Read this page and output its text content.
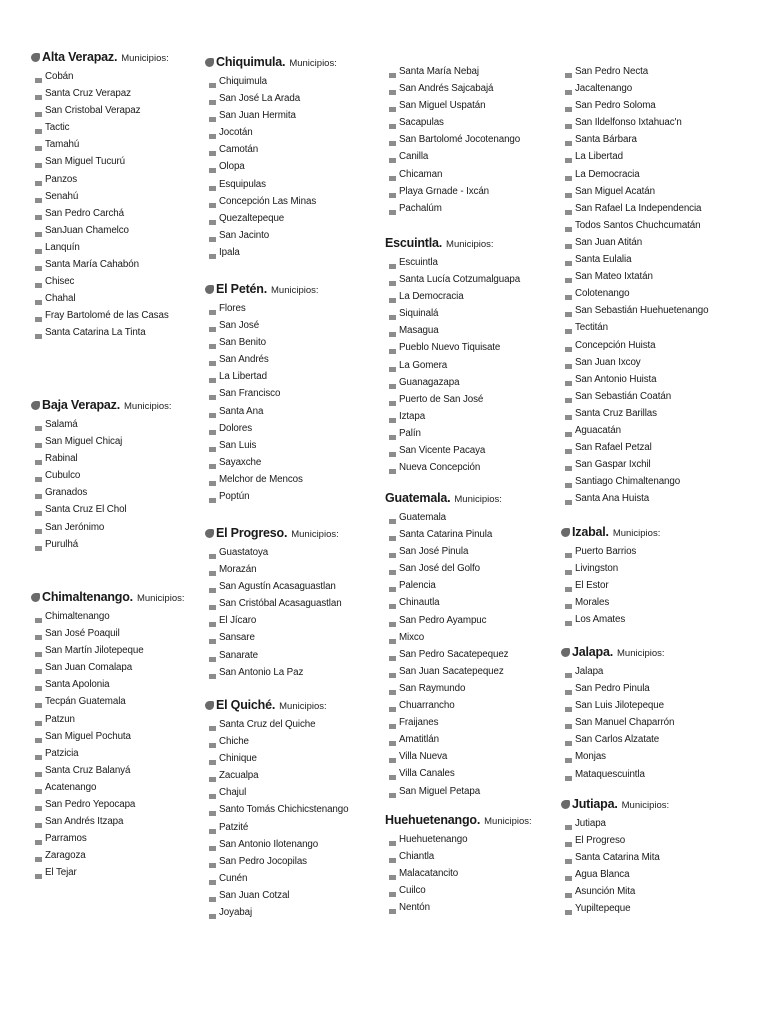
Alta Verapaz. Municipios:
Cobán
Santa Cruz Verapaz
San Cristobal Verapaz
Tactic
Tamahú
San Miguel Tucurú
Panzos
Senahú
San Pedro Carchá
SanJuan Chamelco
Lanquín
Santa María Cahabón
Chisec
Chahal
Fray Bartolomé de las Casas
Santa Catarina La Tinta
Baja Verapaz. Municipios:
Salamá
San Miguel Chicaj
Rabinal
Cubulco
Granados
Santa Cruz El Chol
San Jerónimo
Purulhá
Chimaltenango. Municipios:
Chimaltenango
San José Poaquil
San Martín Jilotepeque
San Juan Comalapa
Santa Apolonia
Tecpán Guatemala
Patzun
San Miguel Pochuta
Patzicia
Santa Cruz Balanyá
Acatenango
San Pedro Yepocapa
San Andrés Itzapa
Parramos
Zaragoza
El Tejar
Chiquimula. Municipios:
Chiquimula
San José La Arada
San Juan Hermita
Jocotán
Camotán
Olopa
Esquipulas
Concepción Las Minas
Quezaltepeque
San Jacinto
Ipala
El Petén. Municipios:
Flores
San José
San Benito
San Andrés
La Libertad
San Francisco
Santa Ana
Dolores
San Luis
Sayaxche
Melchor de Mencos
Poptún
El Progreso. Municipios:
Guastatoya
Morazán
San Agustín Acasaguastlan
San Cristóbal Acasaguastlan
El Jícaro
Sansare
Sanarate
San Antonio La Paz
El Quiché. Municipios:
Santa Cruz del Quiche
Chiche
Chinique
Zacualpa
Chajul
Santo Tomás Chichicstenango
Patzité
San Antonio Ilotenango
San Pedro Jocopilas
Cunén
San Juan Cotzal
Joyabaj
Santa María Nebaj
San Andrés Sajcabajá
San Miguel Uspatán
Sacapulas
San Bartolomé Jocotenango
Canilla
Chicaman
Playa Grnade - Ixcán
Pachalúm
Escuintla. Municipios:
Escuintla
Santa Lucía Cotzumalguapa
La Democracia
Siquinalá
Masagua
Pueblo Nuevo Tiquisate
La Gomera
Guanagazapa
Puerto de San José
Iztapa
Palín
San Vicente Pacaya
Nueva Concepción
Guatemala. Municipios:
Guatemala
Santa Catarina Pinula
San José Pinula
San José del Golfo
Palencia
Chinautla
San Pedro Ayampuc
Mixco
San Pedro Sacatepequez
San Juan Sacatepequez
San Raymundo
Chuarrancho
Fraijanes
Amatitlán
Villa Nueva
Villa Canales
San Miguel Petapa
Huehuetenango. Municipios:
Huehuetenango
Chiantla
Malacatancito
Cuilco
Nentón
San Pedro Necta
Jacaltenango
San Pedro Soloma
San Ildelfonso Ixtahuac'n
Santa Bárbara
La Libertad
La Democracia
San Miguel Acatán
San Rafael La Independencia
Todos Santos Chuchcumatán
San Juan Atitán
Santa Eulalia
San Mateo Ixtatán
Colotenango
San Sebastián Huehuetenango
Tectitán
Concepción Huista
San Juan Ixcoy
San Antonio Huista
San Sebastián Coatán
Santa Cruz Barillas
Aguacatán
San Rafael Petzal
San Gaspar Ixchil
Santiago Chimaltenango
Santa Ana Huista
Izabal. Municipios:
Puerto Barrios
Livingston
El Estor
Morales
Los Amates
Jalapa. Municipios:
Jalapa
San Pedro Pinula
San Luis Jilotepeque
San Manuel Chaparrón
San Carlos Alzatate
Monjas
Mataquescuintla
Jutiapa. Municipios:
Jutiapa
El Progreso
Santa Catarina Mita
Agua Blanca
Asunción Mita
Yupiltepeque
